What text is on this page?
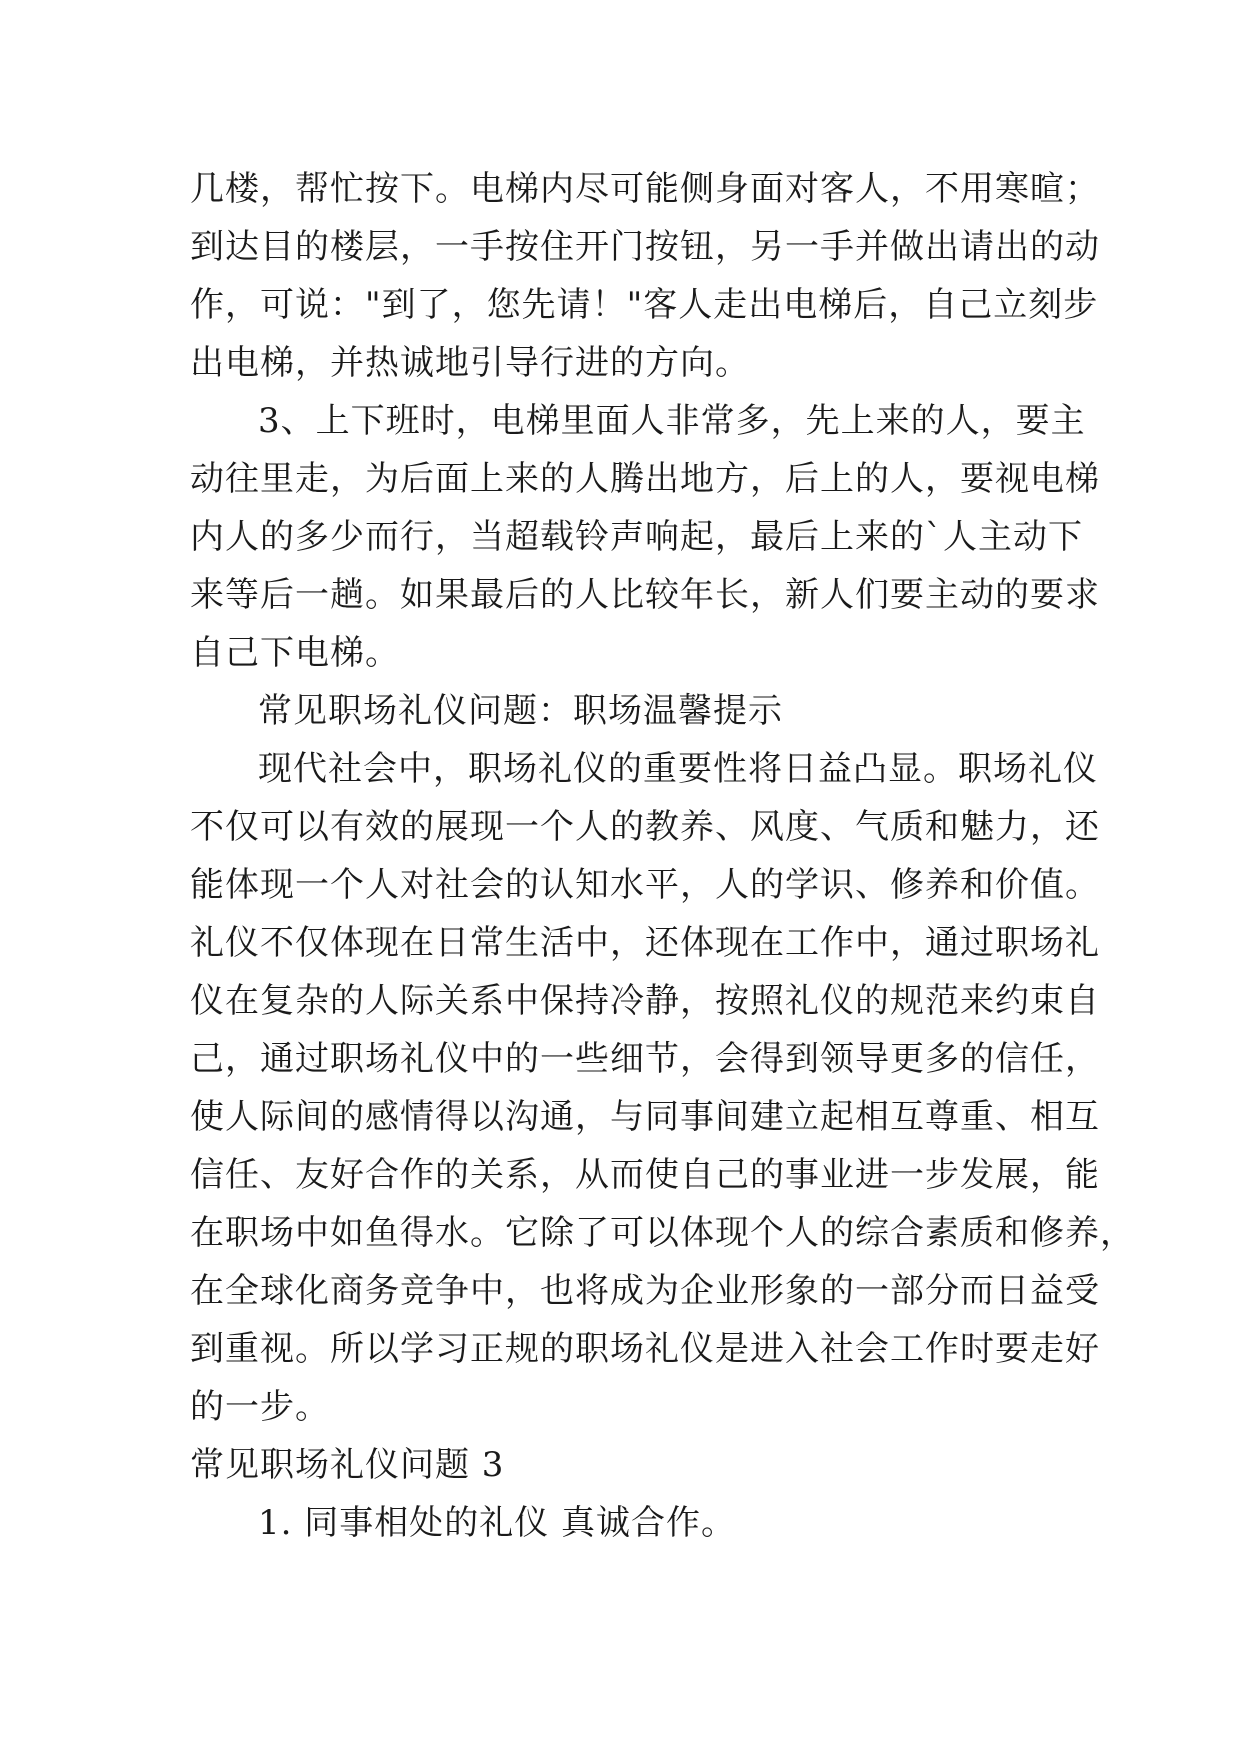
几楼，帮忙按下。电梯内尽可能侧身面对客人，不用寒暄；
到达目的楼层，一手按住开门按钮，另一手并做出请出的动
作，可说："到了，您先请！"客人走出电梯后，自己立刻步
出电梯，并热诚地引导行进的方向。
3、上下班时，电梯里面人非常多，先上来的人，要主
动往里走，为后面上来的人腾出地方，后上的人，要视电梯
内人的多少而行，当超载铃声响起，最后上来的`人主动下
来等后一趟。如果最后的人比较年长，新人们要主动的要求
自己下电梯。
常见职场礼仪问题：职场温馨提示
现代社会中，职场礼仪的重要性将日益凸显。职场礼仪
不仅可以有效的展现一个人的教养、风度、气质和魅力，还
能体现一个人对社会的认知水平，人的学识、修养和价值。
礼仪不仅体现在日常生活中，还体现在工作中，通过职场礼
仪在复杂的人际关系中保持冷静，按照礼仪的规范来约束自
己，通过职场礼仪中的一些细节，会得到领导更多的信任，
使人际间的感情得以沟通，与同事间建立起相互尊重、相互
信任、友好合作的关系，从而使自己的事业进一步发展，能
在职场中如鱼得水。它除了可以体现个人的综合素质和修养，
在全球化商务竞争中，也将成为企业形象的一部分而日益受
到重视。所以学习正规的职场礼仪是进入社会工作时要走好
的一步。
常见职场礼仪问题 3
1. 同事相处的礼仪 真诚合作。
